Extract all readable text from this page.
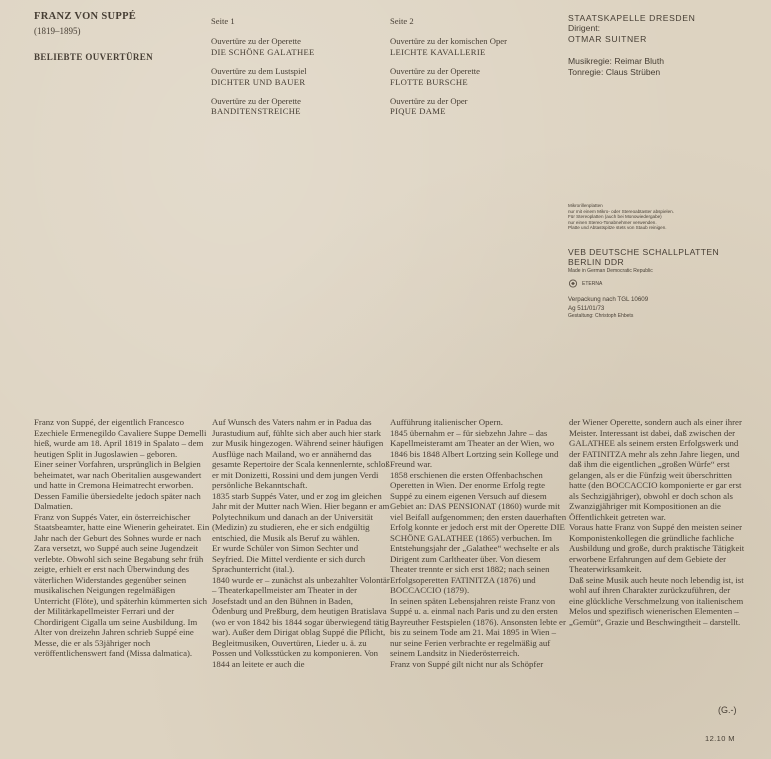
FRANZ VON SUPPÉ
(1819–1895)
BELIEBTE OUVERTÜREN
Seite 1
Ouvertüre zu der Operette
DIE SCHÖNE GALATHEE
Ouvertüre zu dem Lustspiel
DICHTER UND BAUER
Ouvertüre zu der Operette
BANDITENSTREICHE
Seite 2
Ouvertüre zu der komischen Oper
LEICHTE KAVALLERIE
Ouvertüre zu der Operette
FLOTTE BURSCHE
Ouvertüre zu der Oper
PIQUE DAME
STAATSKAPELLE DRESDEN
Dirigent:
OTMAR SUITNER
Musikregie: Reimar Bluth
Tonregie: Claus Strüben
Mikrorillenplatten
nur mit einem Mikro- oder Stereoabtaster abspielen.
Für Stereoplatten (auch bei Monowiedergabe)
nur einen Stereo-Tonabnehmer verwenden.
Platte und Abtastspitze stets von Staub reinigen.
VEB DEUTSCHE SCHALLPLATTEN
BERLIN DDR
Made in German Democratic Republic
ETERNA
Verpackung nach TGL 10609
Ag 511/01/73
Gestaltung: Christoph Ehbets

Franz von Suppé, der eigentlich Francesco Ezechiele Ermenegildo Cavaliere Suppe Demelli hieß, wurde am 18. April 1819 in Spalato – dem heutigen Split in Jugoslawien – geboren.

Einer seiner Vorfahren, ursprünglich in Belgien beheimatet, war nach Oberitalien ausgewandert und hatte in Cremona Heimatrecht erworben. Dessen Familie übersiedelte jedoch später nach Dalmatien.

Franz von Suppés Vater, ein österreichischer Staatsbeamter, hatte eine Wienerin geheiratet. Ein Jahr nach der Geburt des Sohnes wurde er nach Zara versetzt, wo Suppé auch seine Jugendzeit verlebte. Obwohl sich seine Begabung sehr früh zeigte, erhielt er erst nach Überwindung des väterlichen Widerstandes gegenüber seinen musikalischen Neigungen regelmäßigen Unterricht (Flöte), und späterhin kümmerten sich der Militärkapellmeister Ferrari und der Chordirigent Cigalla um seine Ausbildung. Im Alter von dreizehn Jahren schrieb Suppé eine Messe, die er als 53jähriger noch veröffentlichenswert fand (Missa dalmatica).

Auf Wunsch des Vaters nahm er in Padua das Jurastudium auf, fühlte sich aber auch hier stark zur Musik hingezogen. Während seiner häufigen Ausflüge nach Mailand, wo er annähernd das gesamte Repertoire der Scala kennenlernte, schloß er mit Donizetti, Rossini und dem jungen Verdi persönliche Bekanntschaft.

1835 starb Suppés Vater, und er zog im gleichen Jahr mit der Mutter nach Wien. Hier begann er am Polytechnikum und danach an der Universität (Medizin) zu studieren, ehe er sich endgültig entschied, die Musik als Beruf zu wählen.

Er wurde Schüler von Simon Sechter und Seyfried. Die Mittel verdiente er sich durch Sprachunterricht (ital.).

1840 wurde er – zunächst als unbezahlter Volontär – Theaterkapellmeister am Theater in der Josefstadt und an den Bühnen in Baden, Ödenburg und Preßburg, dem heutigen Bratislava (wo er von 1842 bis 1844 sogar überwiegend tätig war). Außer dem Dirigat oblag Suppé die Pflicht, Begleitmusiken, Ouvertüren, Lieder u. ä. zu Possen und Volksstücken zu komponieren. Von 1844 an leitete er auch die

Aufführung italienischer Opern.

1845 übernahm er – für siebzehn Jahre – das Kapellmeisteramt am Theater an der Wien, wo 1846 bis 1848 Albert Lortzing sein Kollege und Freund war.

1858 erschienen die ersten Offenbachschen Operetten in Wien. Der enorme Erfolg regte Suppé zu einem eigenen Versuch auf diesem Gebiet an: DAS PENSIONAT (1860) wurde mit viel Beifall aufgenommen; den ersten dauerhaften Erfolg konnte er jedoch erst mit der Operette DIE SCHÖNE GALATHEE (1865) verbuchen. Im Entstehungsjahr der „Galathee“ wechselte er als Dirigent zum Carltheater über. Von diesem Theater trennte er sich erst 1882; nach seinen Erfolgsoperetten FATINITZA (1876) und BOCCACCIO (1879).

In seinen späten Lebensjahren reiste Franz von Suppé u. a. einmal nach Paris und zu den ersten Bayreuther Festspielen (1876). Ansonsten lebte er bis zu seinem Tode am 21. Mai 1895 in Wien – nur seine Ferien verbrachte er regelmäßig auf seinem Landsitz in Niederösterreich.

Franz von Suppé gilt nicht nur als Schöpfer

der Wiener Operette, sondern auch als einer ihrer Meister. Interessant ist dabei, daß zwischen der GALATHEE als seinem ersten Erfolgswerk und der FATINITZA mehr als zehn Jahre liegen, und daß ihm die eigentlichen „großen Würfe“ erst gelangen, als er die Fünfzig weit überschritten hatte (den BOCCACCIO komponierte er gar erst als Sechzigjähriger), obwohl er doch schon als Zwanzigjähriger mit Kompositionen an die Öffentlichkeit getreten war.

Voraus hatte Franz von Suppé den meisten seiner Komponistenkollegen die gründliche fachliche Ausbildung und große, durch praktische Tätigkeit erworbene Erfahrungen auf dem Gebiete der Theaterwirksamkeit.

Daß seine Musik auch heute noch lebendig ist, ist wohl auf ihren Charakter zurückzuführen, der eine glückliche Verschmelzung von italienischem Melos und spezifisch wienerischen Elementen – „Gemüt“, Grazie und Beschwingtheit – darstellt.

(G.-)
12.10 M
